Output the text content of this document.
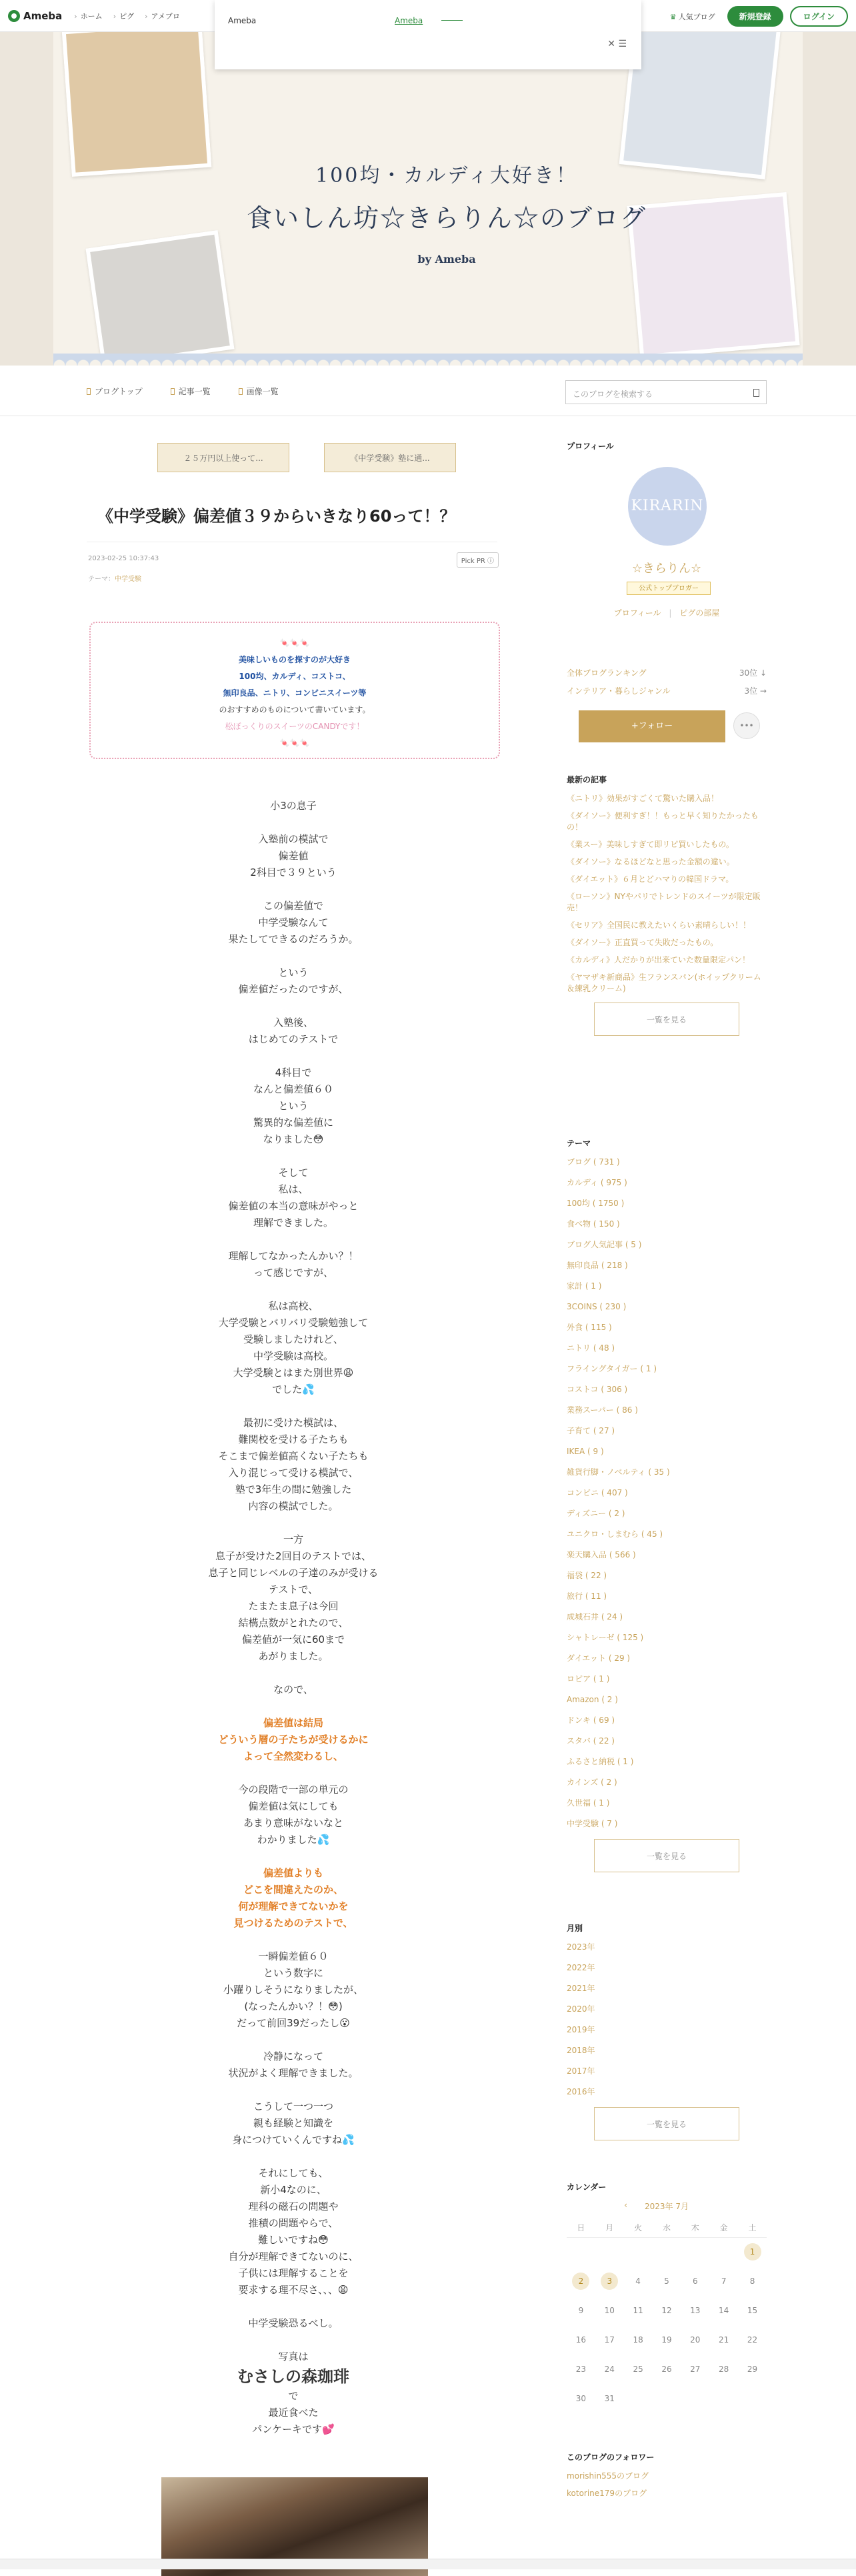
Ameba	› ホーム	› ピグ	› アメブロ	Ameba	Ameba
✕ ☰
♛ 人気ブログ	新規登録	ログイン
100均・カルディ大好き！
食いしん坊☆きらりん☆のブログ
by Ameba
ブログトップ	記事一覧	画像一覧	このブログを検索する
２５万円以上使って...	《中学受験》塾に通...
《中学受験》偏差値３９からいきなり60って！？
2023-02-25 10:37:43	Pick PR ⓘ
テーマ：中学受験
🍬🍬🍬
美味しいものを探すのが大好き
100均、カルディ、コストコ、
無印良品、ニトリ、コンビニスイーツ等
のおすすめのものについて書いています。
松ぼっくりのスイーツのCANDYです！
🍬🍬🍬
小3の息子
入塾前の模試で
偏差値
2科目で３９という
この偏差値で
中学受験なんて
果たしてできるのだろうか。
という
偏差値だったのですが、
入塾後、
はじめてのテストで
4科目で
なんと偏差値６０
という
驚異的な偏差値に
なりました😳
そして
私は、
偏差値の本当の意味がやっと
理解できました。
理解してなかったんかい？！
って感じですが、
私は高校、
大学受験とバリバリ受験勉強して
受験しましたけれど、
中学受験は高校。
大学受験とはまた別世界😩
でした💦
最初に受けた模試は、
難関校を受ける子たちも
そこまで偏差値高くない子たちも
入り混じって受ける模試で、
塾で3年生の間に勉強した
内容の模試でした。
一方
息子が受けた2回目のテストでは、
息子と同じレベルの子達のみが受ける
テストで、
たまたま息子は今回
結構点数がとれたので、
偏差値が一気に60まで
あがりました。
なので、
偏差値は結局
どういう層の子たちが受けるかに
よって全然変わるし、
今の段階で一部の単元の
偏差値は気にしても
あまり意味がないなと
わかりました💦
偏差値よりも
どこを間違えたのか、
何が理解できてないかを
見つけるためのテストで、
一瞬偏差値６０
という数字に
小躍りしそうになりましたが、
(なったんかい？！😳)
だって前回39だったし😮
冷静になって
状況がよく理解できました。
こうして一つ一つ
親も経験と知識を
身につけていくんですね💦
それにしても、
新小4なのに、
理科の磁石の問題や
推積の問題やらで、
難しいですね😳
自分が理解できてないのに、
子供には理解することを
要求する理不尽さ、、、😩
中学受験恐るべし。
写真は
むさしの森珈琲
で
最近食べた
パンケーキです💕
プロフィール
KIRARIN
☆きらりん☆
公式トップブロガー
プロフィール | ピグの部屋
全体ブログランキング	30位 ↓
インテリア・暮らしジャンル	3位 →
+フォロー	•••
最新の記事
《ニトリ》効果がすごくて驚いた購入品！
《ダイソー》便利すぎ！！もっと早く知りたかったもの！
《業スー》美味しすぎて即リピ買いしたもの。
《ダイソー》なるほどなと思った金額の違い。
《ダイエット》６月とどハマりの韓国ドラマ。
《ローソン》NYやパリでトレンドのスイーツが限定販売！
《セリア》全国民に教えたいくらい素晴らしい！！
《ダイソー》正直買って失敗だったもの。
《カルディ》人だかりが出来ていた数量限定パン！
《ヤマザキ新商品》生フランスパン(ホイップクリーム＆練乳クリーム)
一覧を見る
テーマ
ブログ ( 731 )
カルディ ( 975 )
100均 ( 1750 )
食べ物 ( 150 )
ブログ人気記事 ( 5 )
無印良品 ( 218 )
家計 ( 1 )
3COINS ( 230 )
外食 ( 115 )
ニトリ ( 48 )
フライングタイガー ( 1 )
コストコ ( 306 )
業務スーパー ( 86 )
子育て ( 27 )
IKEA ( 9 )
雑貨行脚・ノベルティ ( 35 )
コンビニ ( 407 )
ディズニー ( 2 )
ユニクロ・しまむら ( 45 )
楽天購入品 ( 566 )
福袋 ( 22 )
旅行 ( 11 )
成城石井 ( 24 )
シャトレーゼ ( 125 )
ダイエット ( 29 )
ロピア ( 1 )
Amazon ( 2 )
ドンキ ( 69 )
スタバ ( 22 )
ふるさと納税 ( 1 )
カインズ ( 2 )
久世福 ( 1 )
中学受験 ( 7 )
一覧を見る
月別
2023年
2022年
2021年
2020年
2019年
2018年
2017年
2016年
一覧を見る
カレンダー
‹ 2023年 7月
日	月	火	水	木	金	土
						1
2	3	4	5	6	7	8
9	10	11	12	13	14	15
16	17	18	19	20	21	22
23	24	25	26	27	28	29
30	31					
このブログのフォロワー
morishin555のブログ
kotorine179のブログ
